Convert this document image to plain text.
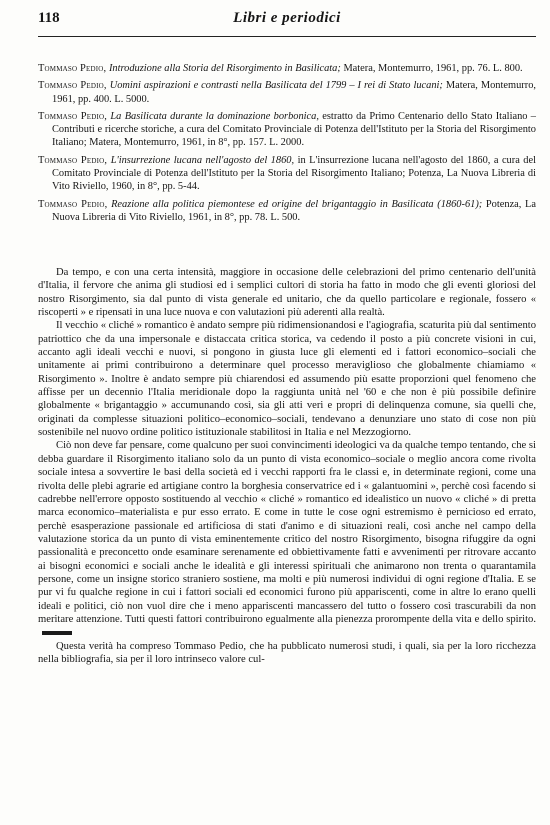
118	Libri e periodici

Tommaso Pedio, Introduzione alla Storia del Risorgimento in Basilicata; Matera, Montemurro, 1961, pp. 76. L. 800.

Tommaso Pedio, Uomini aspirazioni e contrasti nella Basilicata del 1799 – I rei di Stato lucani; Matera, Montemurro, 1961, pp. 400. L. 5000.

Tommaso Pedio, La Basilicata durante la dominazione borbonica, estratto da Primo Centenario dello Stato Italiano – Contributi e ricerche storiche, a cura del Comitato Provinciale di Potenza dell'Istituto per la Storia del Risorgimento Italiano; Matera, Montemurro, 1961, in 8°, pp. 157. L. 2000.

Tommaso Pedio, L'insurrezione lucana nell'agosto del 1860, in L'insurrezione lucana nell'agosto del 1860, a cura del Comitato Provinciale di Potenza dell'Istituto per la Storia del Risorgimento Italiano; Potenza, La Nuova Libreria di Vito Riviello, 1960, in 8°, pp. 5-44.

Tommaso Pedio, Reazione alla politica piemontese ed origine del brigantaggio in Basilicata (1860-61); Potenza, La Nuova Libreria di Vito Riviello, 1961, in 8°, pp. 78. L. 500.

Da tempo, e con una certa intensità, maggiore in occasione delle celebrazioni del primo centenario dell'unità d'Italia, il fervore che anima gli studiosi ed i semplici cultori di storia ha fatto in modo che gli eventi gloriosi del nostro Risorgimento, sia dal punto di vista generale ed unitario, che da quello particolare e regionale, fossero « riscoperti » e ripensati in una luce nuova e con valutazioni più aderenti alla realtà.

Il vecchio « cliché » romantico è andato sempre più ridimensionandosi e l'agiografia, scaturita più dal sentimento patriottico che da una impersonale e distaccata critica storica, va cedendo il posto a più concrete visioni in cui, accanto agli ideali vecchi e nuovi, si pongono in giusta luce gli elementi ed i fattori economico–sociali che unitamente ai primi contribuirono a determinare quel processo meraviglioso che globalmente chiamiamo « Risorgimento ». Inoltre è andato sempre più chiarendosi ed assumendo più esatte proporzioni quel fenomeno che affisse per un decennio l'Italia meridionale dopo la raggiunta unità nel '60 e che non è più possibile definire globalmente « brigantaggio » accumunando così, sia gli atti veri e propri di delinquenza comune, sia quelli che, originati da complesse situazioni politico–economico–sociali, tendevano a denunziare uno stato di cose non più sostenibile nel nuovo ordine politico istituzionale stabilitosi in Italia e nel Mezzogiorno.

Ciò non deve far pensare, come qualcuno per suoi convincimenti ideologici va da qualche tempo tentando, che si debba guardare il Risorgimento italiano solo da un punto di vista economico–sociale o meglio ancora come rivolta sociale intesa a sovvertire le basi della società ed i vecchi rapporti fra le classi e, in determinate regioni, come una rivolta delle plebi agrarie ed artigiane contro la borghesia conservatrice ed i « galantuomini », perchè così facendo si cadrebbe nell'errore opposto sostituendo al vecchio « cliché » romantico ed idealistico un nuovo « cliché » di pretta marca economico–materialista e pur esso errato. E come in tutte le cose ogni estremismo è pernicioso ed errato, perchè esasperazione passionale ed artificiosa di stati d'animo e di situazioni reali, così anche nel campo della valutazione storica da un punto di vista eminentemente critico del nostro Risorgimento, bisogna rifuggire da ogni passionalità e preconcetto onde esaminare serenamente ed obbiettivamente fatti e avvenimenti per ritrovare accanto ai bisogni economici e sociali anche le idealità e gli interessi spirituali che animarono non trenta o quarantamila persone, come un insigne storico straniero sostiene, ma molti e più numerosi individui di ogni regione d'Italia. E se pur vi fu qualche regione in cui i fattori sociali ed economici furono più appariscenti, come in altre lo erano quelli ideali e politici, ciò non vuol dire che i meno appariscenti mancassero del tutto o fossero così trascurabili da non meritare attenzione. Tutti questi fattori contribuirono egualmente alla pienezza prorompente della vita e dello spirito.

Questa verità ha compreso Tommaso Pedio, che ha pubblicato numerosi studi, i quali, sia per la loro ricchezza nella bibliografia, sia per il loro intrinseco valore cul-
